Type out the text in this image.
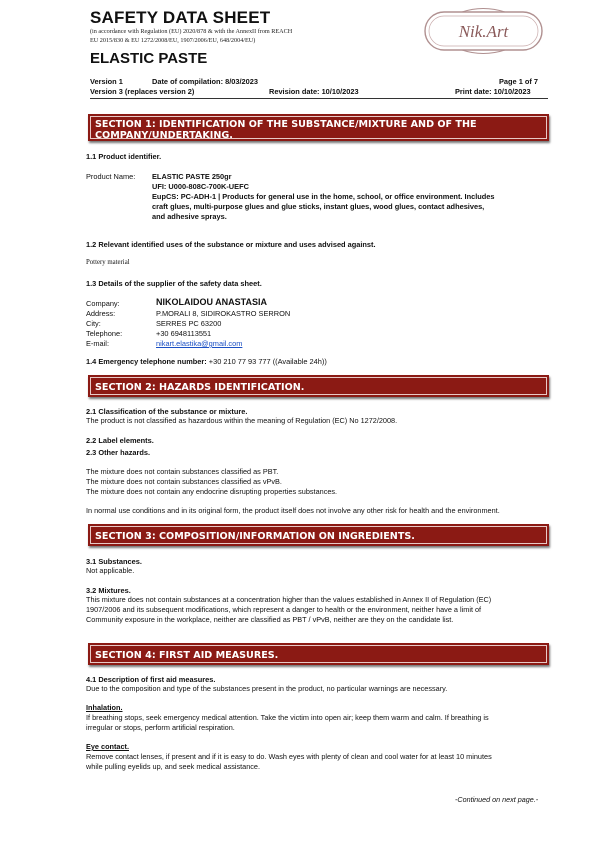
SAFETY DATA SHEET
(in accordance with Regulation (EU) 2020/878 & with the AnnexII from REACH
EU 2015/830 & EU 1272/2008/EU, 1907/2006/EU, 648/2004/EU)
ELASTIC PASTE
Nik.Art
Version 1	Date of compilation: 8/03/2023	Page 1 of 7
Version 3 (replaces version 2)	Revision date: 10/10/2023	Print date: 10/10/2023
SECTION 1: IDENTIFICATION OF THE SUBSTANCE/MIXTURE AND OF THE
COMPANY/UNDERTAKING.
1.1 Product identifier.
Product Name: ELASTIC PASTE 250gr
UFI: U000-808C-700K-UEFC
EupCS: PC-ADH-1 | Products for general use in the home, school, or office environment. Includes
craft glues, multi-purpose glues and glue sticks, instant glues, wood glues, contact adhesives,
and adhesive sprays.
1.2 Relevant identified uses of the substance or mixture and uses advised against.
Pottery material
1.3 Details of the supplier of the safety data sheet.
Company:	NIKOLAIDOU ANASTASIA
Address:	P.MORALI 8, SIDIROKASTRO SERRON
City:	SERRES PC 63200
Telephone:	+30 6948113551
E-mail:	nikart.elastika@gmail.com
1.4 Emergency telephone number: +30 210 77 93 777 ((Available 24h))
SECTION 2: HAZARDS IDENTIFICATION.
2.1 Classification of the substance or mixture.
The product is not classified as hazardous within the meaning of Regulation (EC) No 1272/2008.
2.2 Label elements.
2.3 Other hazards.
The mixture does not contain substances classified as PBT.
The mixture does not contain substances classified as vPvB.
The mixture does not contain any endocrine disrupting properties substances.
In normal use conditions and in its original form, the product itself does not involve any other risk for health and the environment.
SECTION 3: COMPOSITION/INFORMATION ON INGREDIENTS.
3.1 Substances.
Not applicable.
3.2 Mixtures.
This mixture does not contain substances at a concentration higher than the values established in Annex II of Regulation (EC)
1907/2006 and its subsequent modifications, which represent a danger to health or the environment, neither have a limit of
Community exposure in the workplace, neither are classified as PBT / vPvB, neither are they on the candidate list.
SECTION 4: FIRST AID MEASURES.
4.1 Description of first aid measures.
Due to the composition and type of the substances present in the product, no particular warnings are necessary.
Inhalation.
If breathing stops, seek emergency medical attention. Take the victim into open air; keep them warm and calm. If breathing is
irregular or stops, perform artificial respiration.
Eye contact.
Remove contact lenses, if present and if it is easy to do. Wash eyes with plenty of clean and cool water for at least 10 minutes
while pulling eyelids up, and seek medical assistance.
-Continued on next page.-
